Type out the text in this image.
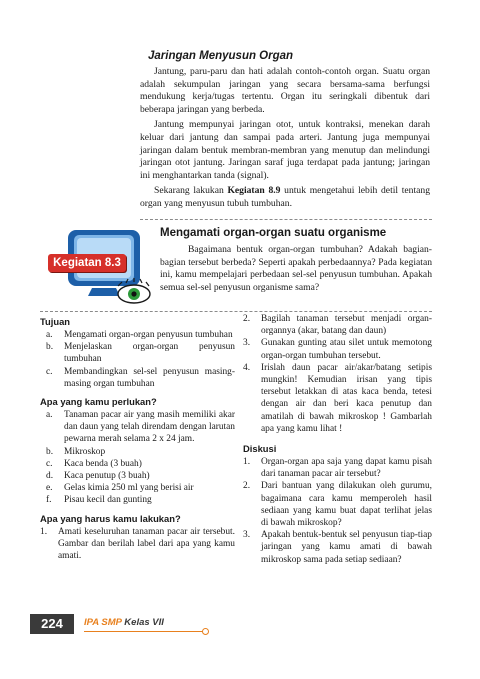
Jaringan Menyusun Organ

Jantung, paru-paru dan hati adalah contoh-contoh organ. Suatu organ adalah sekumpulan jaringan yang secara bersama-sama berfungsi mendukung kerja/tugas tertentu. Organ itu seringkali dibentuk dari beberapa jaringan yang berbeda.

Jantung mempunyai jaringan otot, untuk kontraksi, menekan darah keluar dari jantung dan sampai pada arteri. Jantung juga mempunyai jaringan dalam bentuk membran-membran yang menutup dan melindungi jaringan otot jantung. Jaringan saraf juga terdapat pada jantung; jaringan ini menghantarkan tanda (signal).

Sekarang lakukan Kegiatan 8.9 untuk mengetahui lebih detil tentang organ yang menyusun tubuh tumbuhan.

Kegiatan 8.3
Mengamati organ-organ suatu organisme

Bagaimana bentuk organ-organ tumbuhan? Adakah bagian-bagian tersebut berbeda? Seperti apakah perbedaannya? Pada kegiatan ini, kamu mempelajari perbedaan sel-sel penyusun tumbuhan. Apakah semua sel-sel penyusun organisme sama?

Tujuan

a. Mengamati organ-organ penyusun tumbuhan
b. Menjelaskan organ-organ penyusun tumbuhan
c. Membandingkan sel-sel penyusun masing-masing organ tumbuhan

Apa yang kamu perlukan?

a. Tanaman pacar air yang masih memiliki akar dan daun yang telah direndam dengan larutan pewarna merah selama 2 x 24 jam.
b. Mikroskop
c. Kaca benda (3 buah)
d. Kaca penutup (3 buah)
e. Gelas kimia 250 ml yang berisi air
f. Pisau kecil dan gunting

Apa yang harus kamu lakukan?

1. Amati keseluruhan tanaman pacar air tersebut. Gambar dan berilah label dari apa yang kamu amati.
2. Bagilah tanaman tersebut menjadi organ-organnya (akar, batang dan daun)
3. Gunakan gunting atau silet untuk memotong organ-organ tumbuhan tersebut.
4. Irislah daun pacar air/akar/batang setipis mungkin! Kemudian irisan yang tipis tersebut letakkan di atas kaca benda, tetesi dengan air dan beri kaca penutup dan amatilah di bawah mikroskop ! Gambarlah apa yang kamu lihat !

Diskusi

1. Organ-organ apa saja yang dapat kamu pisah dari tanaman pacar air tersebut?
2. Dari bantuan yang dilakukan oleh gurumu, bagaimana cara kamu memperoleh hasil sediaan yang kamu buat dapat terlihat jelas di bawah mikroskop?
3. Apakah bentuk-bentuk sel penyusun tiap-tiap jaringan yang kamu amati di bawah mikroskop sama pada setiap sediaan?
224	IPA SMP Kelas VII
